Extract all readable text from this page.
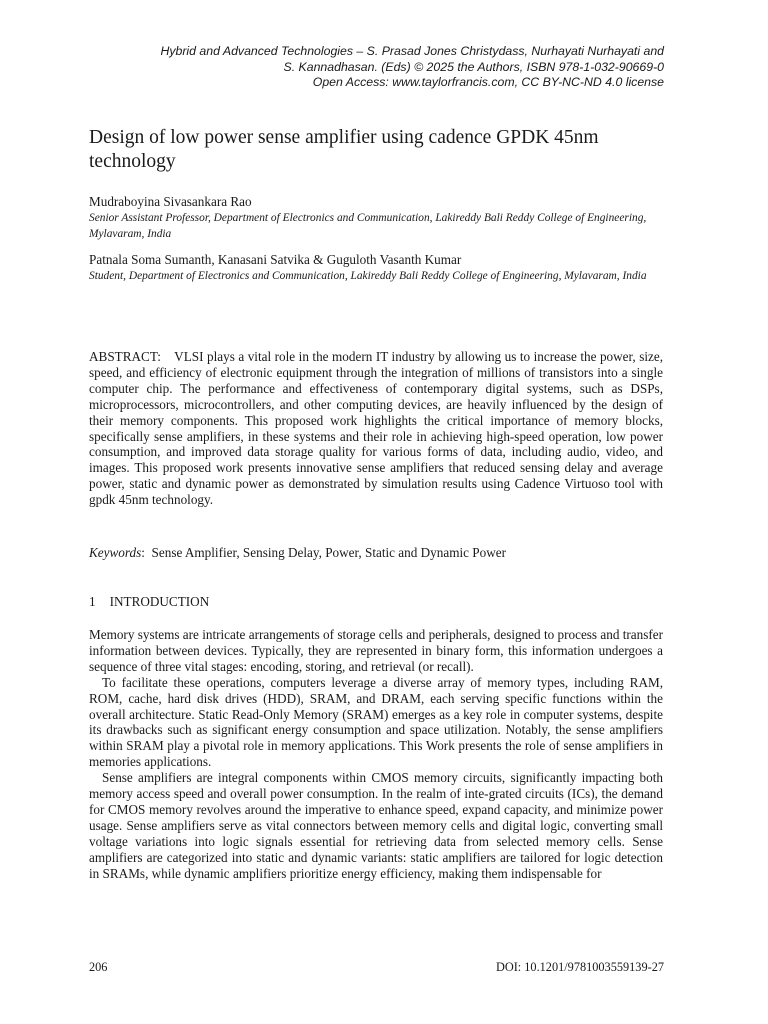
Hybrid and Advanced Technologies – S. Prasad Jones Christydass, Nurhayati Nurhayati and
S. Kannadhasan. (Eds) © 2025 the Authors, ISBN 978-1-032-90669-0
Open Access: www.taylorfrancis.com, CC BY-NC-ND 4.0 license
Design of low power sense amplifier using cadence GPDK 45nm technology
Mudraboyina Sivasankara Rao
Senior Assistant Professor, Department of Electronics and Communication, Lakireddy Bali Reddy College of Engineering, Mylavaram, India
Patnala Soma Sumanth, Kanasani Satvika & Guguloth Vasanth Kumar
Student, Department of Electronics and Communication, Lakireddy Bali Reddy College of Engineering, Mylavaram, India

ABSTRACT: VLSI plays a vital role in the modern IT industry by allowing us to increase the power, size, speed, and efficiency of electronic equipment through the integration of millions of transistors into a single computer chip. The performance and effectiveness of contemporary digital systems, such as DSPs, microprocessors, microcontrollers, and other computing devices, are heavily influenced by the design of their memory components. This proposed work highlights the critical importance of memory blocks, specifically sense amplifiers, in these systems and their role in achieving high-speed operation, low power consumption, and improved data storage quality for various forms of data, including audio, video, and images. This proposed work presents innovative sense amplifiers that reduced sensing delay and average power, static and dynamic power as demonstrated by simulation results using Cadence Virtuoso tool with gpdk 45nm technology.

Keywords:  Sense Amplifier, Sensing Delay, Power, Static and Dynamic Power
1 INTRODUCTION

Memory systems are intricate arrangements of storage cells and peripherals, designed to process and transfer information between devices. Typically, they are represented in binary form, this information undergoes a sequence of three vital stages: encoding, storing, and retrieval (or recall).

To facilitate these operations, computers leverage a diverse array of memory types, including RAM, ROM, cache, hard disk drives (HDD), SRAM, and DRAM, each serving specific functions within the overall architecture. Static Read-Only Memory (SRAM) emerges as a key role in computer systems, despite its drawbacks such as significant energy consumption and space utilization. Notably, the sense amplifiers within SRAM play a pivotal role in memory applications. This Work presents the role of sense amplifiers in memories applications.

Sense amplifiers are integral components within CMOS memory circuits, significantly impacting both memory access speed and overall power consumption. In the realm of inte-grated circuits (ICs), the demand for CMOS memory revolves around the imperative to enhance speed, expand capacity, and minimize power usage. Sense amplifiers serve as vital connectors between memory cells and digital logic, converting small voltage variations into logic signals essential for retrieving data from selected memory cells. Sense amplifiers are categorized into static and dynamic variants: static amplifiers are tailored for logic detection in SRAMs, while dynamic amplifiers prioritize energy efficiency, making them indispensable for

206	DOI: 10.1201/9781003559139-27
